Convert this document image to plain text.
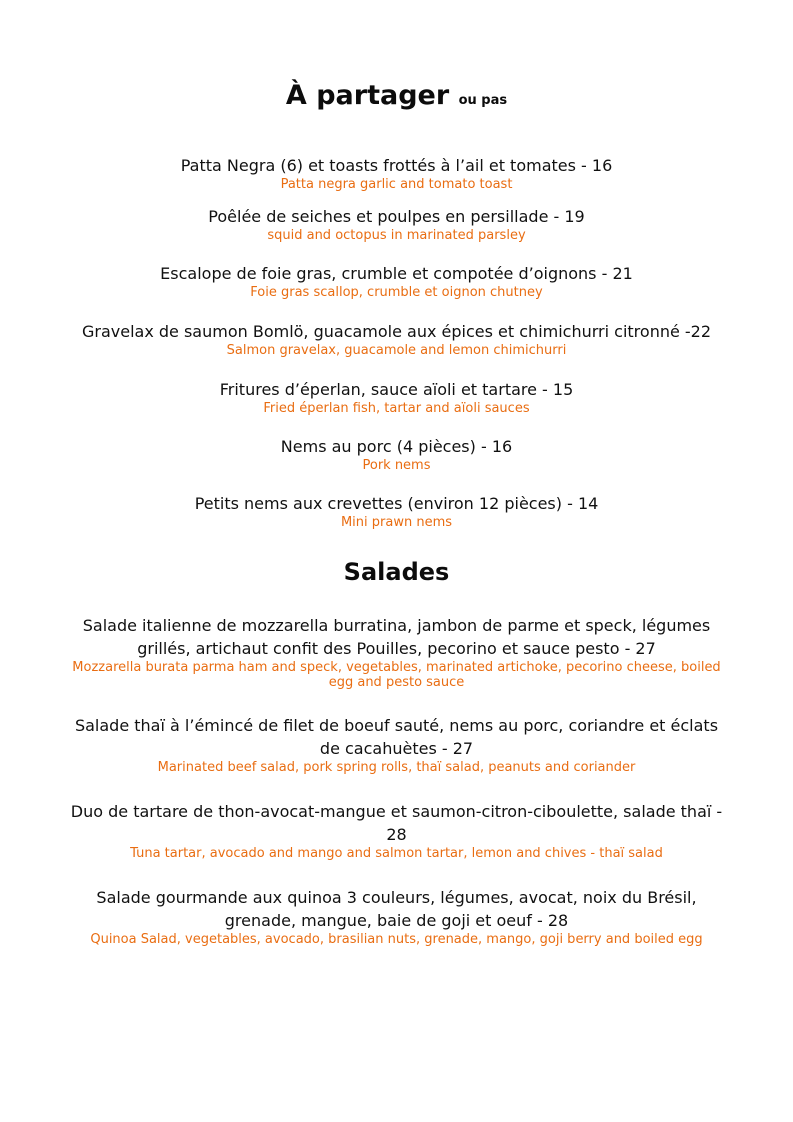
À partager ou pas
Patta Negra (6) et toasts frottés à l’ail et tomates - 16
Patta negra garlic and tomato toast
Poêlée de seiches et poulpes en persillade - 19
squid and octopus in marinated parsley
Escalope de foie gras, crumble et compotée d’oignons - 21
Foie gras scallop, crumble et oignon chutney
Gravelax de saumon Bomlö, guacamole aux épices et chimichurri citronné -22
Salmon gravelax, guacamole and lemon chimichurri
Fritures d’éperlan, sauce aïoli et tartare - 15
Fried éperlan fish, tartar and aïoli sauces
Nems au porc (4 pièces) - 16
Pork nems
Petits nems aux crevettes (environ 12 pièces) - 14
Mini prawn nems
Salades
Salade italienne de mozzarella burratina, jambon de parme et speck, légumes grillés, artichaut confit des Pouilles, pecorino et sauce pesto - 27
Mozzarella burata parma ham and speck, vegetables, marinated artichoke, pecorino cheese, boiled egg and pesto sauce
Salade thaï à l’émincé de filet de boeuf sauté, nems au porc, coriandre et éclats de cacahuètes - 27
Marinated beef salad, pork spring rolls, thaï salad, peanuts and coriander
Duo de tartare de thon-avocat-mangue et saumon-citron-ciboulette, salade thaï - 28
Tuna tartar, avocado and mango and salmon tartar, lemon and chives - thaï salad
Salade gourmande aux quinoa 3 couleurs, légumes, avocat, noix du Brésil, grenade, mangue, baie de goji et oeuf - 28
Quinoa Salad, vegetables, avocado, brasilian nuts, grenade, mango, goji berry and boiled egg
